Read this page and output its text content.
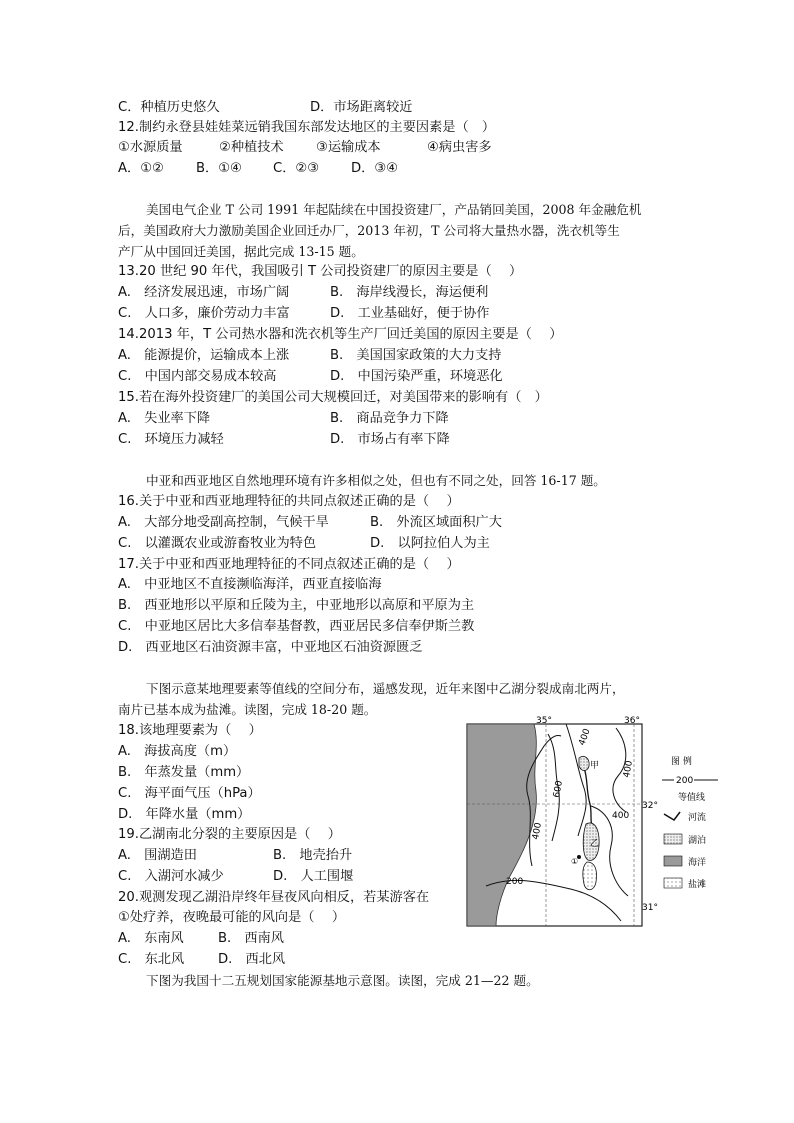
C．种植历史悠久	D．市场距离较近
12.制约永登县娃娃菜远销我国东部发达地区的主要因素是（　）
①水源质量	②种植技术 ③运输成本	④病虫害多
A．①② B．①④ C．②③ D．③④
美国电气企业 T 公司 1991 年起陆续在中国投资建厂，产品销回美国，2008 年金融危机
后，美国政府大力激励美国企业回迁办厂，2013 年初，T 公司将大量热水器，洗衣机等生
产厂从中国回迁美国，据此完成 13-15 题。
13.20 世纪 90 年代，我国吸引 T 公司投资建厂的原因主要是（　 ）
A.　经济发展迅速，市场广阔	B.　海岸线漫长，海运便利
C.　人口多，廉价劳动力丰富	D.　工业基础好，便于协作
14.2013 年，T 公司热水器和洗衣机等生产厂回迁美国的原因主要是（　 ）
A.　能源提价，运输成本上涨	B.　美国国家政策的大力支持
C.　中国内部交易成本较高	D.　中国污染严重，环境恶化
15.若在海外投资建厂的美国公司大规模回迁，对美国带来的影响有（　）
A.　失业率下降	B.　商品竞争力下降
C.　环境压力减轻	D.　市场占有率下降
中亚和西亚地区自然地理环境有许多相似之处，但也有不同之处，回答 16-17 题。
16.关于中亚和西亚地理特征的共同点叙述正确的是（　 ）
A.　大部分地受副高控制，气候干旱	B.　外流区域面积广大
C.　以灌溉农业或游畜牧业为特色	D.　以阿拉伯人为主
17.关于中亚和西亚地理特征的不同点叙述正确的是（　 ）
A.　中亚地区不直接濒临海洋，西亚直接临海
B.　西亚地形以平原和丘陵为主，中亚地形以高原和平原为主
C.　中亚地区居比大多信奉基督教，西亚居民多信奉伊斯兰教
D.　西亚地区石油资源丰富，中亚地区石油资源匮乏
下图示意某地理要素等值线的空间分布，遥感发现，近年来图中乙湖分裂成南北两片，
南片已基本成为盐滩。读图，完成 18-20 题。
18.该地理要素为（　 ）
A.　海拔高度（m）
B.　年蒸发量（mm）
C.　海平面气压（hPa）
D.　年降水量（mm）
19.乙湖南北分裂的主要原因是（　 ）
A.　围湖造田	B.　地壳抬升
C.　入湖河水减少	D.　人工围堰
20.观测发现乙湖沿岸终年昼夜风向相反，若某游客在
①处疗养，夜晚最可能的风向是（　 ）
A.　东南风	B.　西南风
C.　东北风	D.　西北风
下图为我国十二五规划国家能源基地示意图。读图，完成 21—22 题。
35°	36°
32°
31°
400
600
400
400
400
200
甲
乙
①
图 例
200
等值线
河流
湖泊
海洋
盐滩
